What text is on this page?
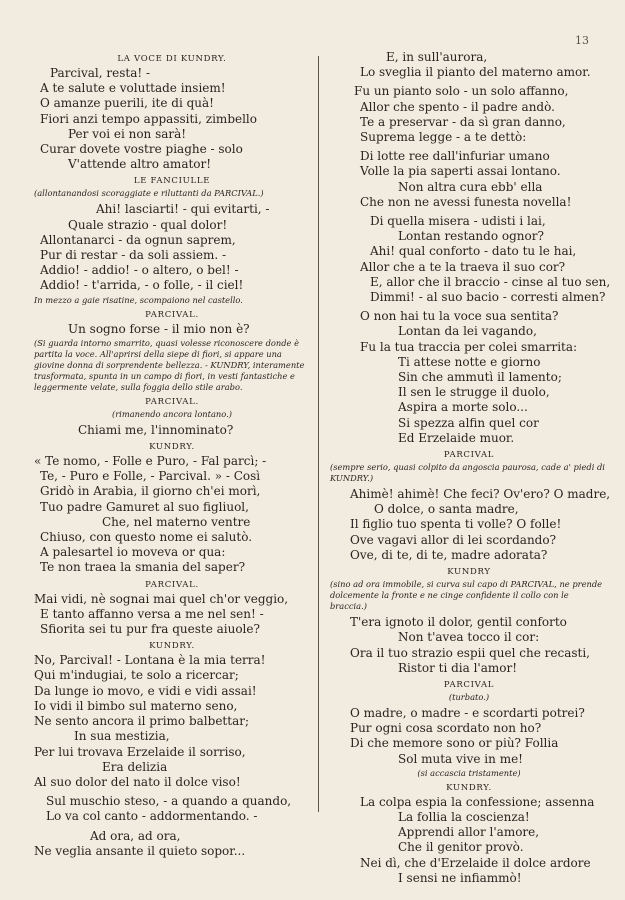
13
LA VOCE DI KUNDRY.
Parcival, resta! -
A te salute e voluttade insiem!
O amanze puerili, ite di quà!
Fiori anzi tempo appassiti, zimbello
Per voi ei non sarà!
Curar dovete vostre piaghe - solo
V'attende altro amator!
LE FANCIULLE
(allontanandosi scoraggiate e riluttanti da PARCIVAL.)
Ahi! lasciarti! - qui evitarti, -
Quale strazio - qual dolor!
Allontanarci - da ognun saprem,
Pur di restar - da soli assiem. -
Addio! - addio! - o altero, o bel! -
Addio! - t'arrida, - o folle, - il ciel!
In mezzo a gaie risatine, scompaiono nel castello.
PARCIVAL.
Un sogno forse - il mio non è?
(Si guarda intorno smarrito, quasi volesse riconoscere donde è partita la voce. All'aprirsi della siepe di fiori, si appare una giovine donna di sorprendente bellezza. - KUNDRY, interamente trasformata, spunta in un campo di fiori, in vesti fantastiche e leggermente velate, sulla foggia dello stile arabo.
PARCIVAL.
(rimanendo ancora lontano.)
Chiami me, l'innominato?
KUNDRY.
« Te nomo, - Folle e Puro, - Fal parcì; -
Te, - Puro e Folle, - Parcival. » - Così
Gridò in Arabia, il giorno ch'ei morì,
Tuo padre Gamuret al suo figliuol,
Che, nel materno ventre
Chiuso, con questo nome ei salutò.
A palesartel io moveva or qua:
Te non traea la smania del saper?
PARCIVAL.
Mai vidi, nè sognai mai quel ch'or veggio,
E tanto affanno versa a me nel sen! -
Sfiorita sei tu pur fra queste aiuole?
KUNDRY.
No, Parcival! - Lontana è la mia terra!
Qui m'indugiai, te solo a ricercar;
Da lunge io movo, e vidi e vidi assai!
Io vidi il bimbo sul materno seno,
Ne sento ancora il primo balbettar;
In sua mestizia,
Per lui trovava Erzelaide il sorriso,
Era delizia
Al suo dolor del nato il dolce viso!
Sul muschio steso, - a quando a quando,
Lo va col canto - addormentando. -
Ad ora, ad ora,
Ne veglia ansante il quieto sopor...
E, in sull'aurora,
Lo sveglia il pianto del materno amor.
Fu un pianto solo - un solo affanno,
Allor che spento - il padre andò.
Te a preservar - da sì gran danno,
Suprema legge - a te dettò:
Di lotte ree dall'infuriar umano
Volle la pia saperti assai lontano.
Non altra cura ebb' ella
Che non ne avessi funesta novella!
Di quella misera - udisti i lai,
Lontan restando ognor?
Ahi! qual conforto - dato tu le hai,
Allor che a te la traeva il suo cor?
E, allor che il braccio - cinse al tuo sen,
Dimmi! - al suo bacio - corresti almen?
O non hai tu la voce sua sentita?
Lontan da lei vagando,
Fu la tua traccia per colei smarrita:
Ti attese notte e giorno
Sin che ammutì il lamento;
Il sen le strugge il duolo,
Aspira a morte solo...
Si spezza alfin quel cor
Ed Erzelaide muor.
PARCIVAL
(sempre serio, quasi colpito da angoscia paurosa, cade a' piedi di KUNDRY.)
Ahimè! ahimè! Che feci? Ov'ero? O madre,
O dolce, o santa madre,
Il figlio tuo spenta ti volle? O folle!
Ove vagavi allor di lei scordando?
Ove, di te, di te, madre adorata?
KUNDRY
(sino ad ora immobile, si curva sul capo di PARCIVAL, ne prende dolcemente la fronte e ne cinge confidente il collo con le braccia.)
T'era ignoto il dolor, gentil conforto
Non t'avea tocco il cor:
Ora il tuo strazio espii quel che recasti,
Ristor ti dia l'amor!
PARCIVAL
(turbato.)
O madre, o madre - e scordarti potrei?
Pur ogni cosa scordato non ho?
Di che memore sono or più? Follia
Sol muta vive in me!
(si accascia tristamente)
KUNDRY.
La colpa espia la confessione; assenna
La follia la coscienza!
Apprendi allor l'amore,
Che il genitor provò.
Nei dì, che d'Erzelaide il dolce ardore
I sensi ne infiammò!
